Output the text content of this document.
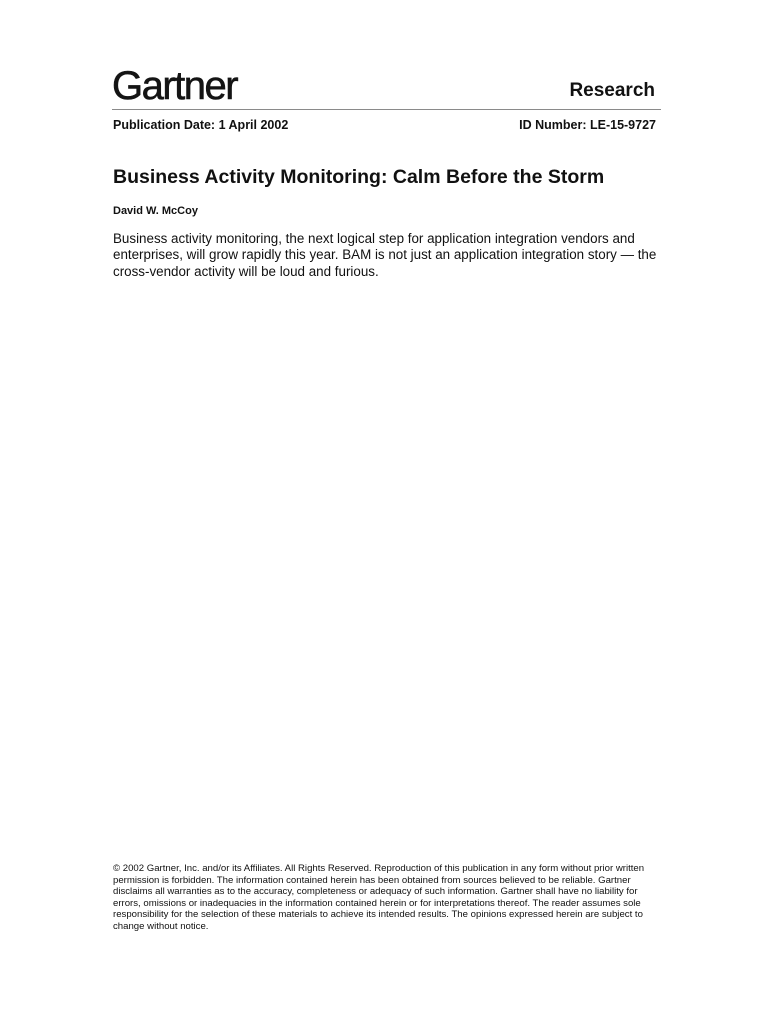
Gartner	Research
Publication Date: 1 April 2002	ID Number: LE-15-9727
Business Activity Monitoring: Calm Before the Storm
David W. McCoy
Business activity monitoring, the next logical step for application integration vendors and enterprises, will grow rapidly this year. BAM is not just an application integration story — the cross-vendor activity will be loud and furious.
© 2002 Gartner, Inc. and/or its Affiliates. All Rights Reserved. Reproduction of this publication in any form without prior written permission is forbidden. The information contained herein has been obtained from sources believed to be reliable. Gartner disclaims all warranties as to the accuracy, completeness or adequacy of such information. Gartner shall have no liability for errors, omissions or inadequacies in the information contained herein or for interpretations thereof. The reader assumes sole responsibility for the selection of these materials to achieve its intended results. The opinions expressed herein are subject to change without notice.
